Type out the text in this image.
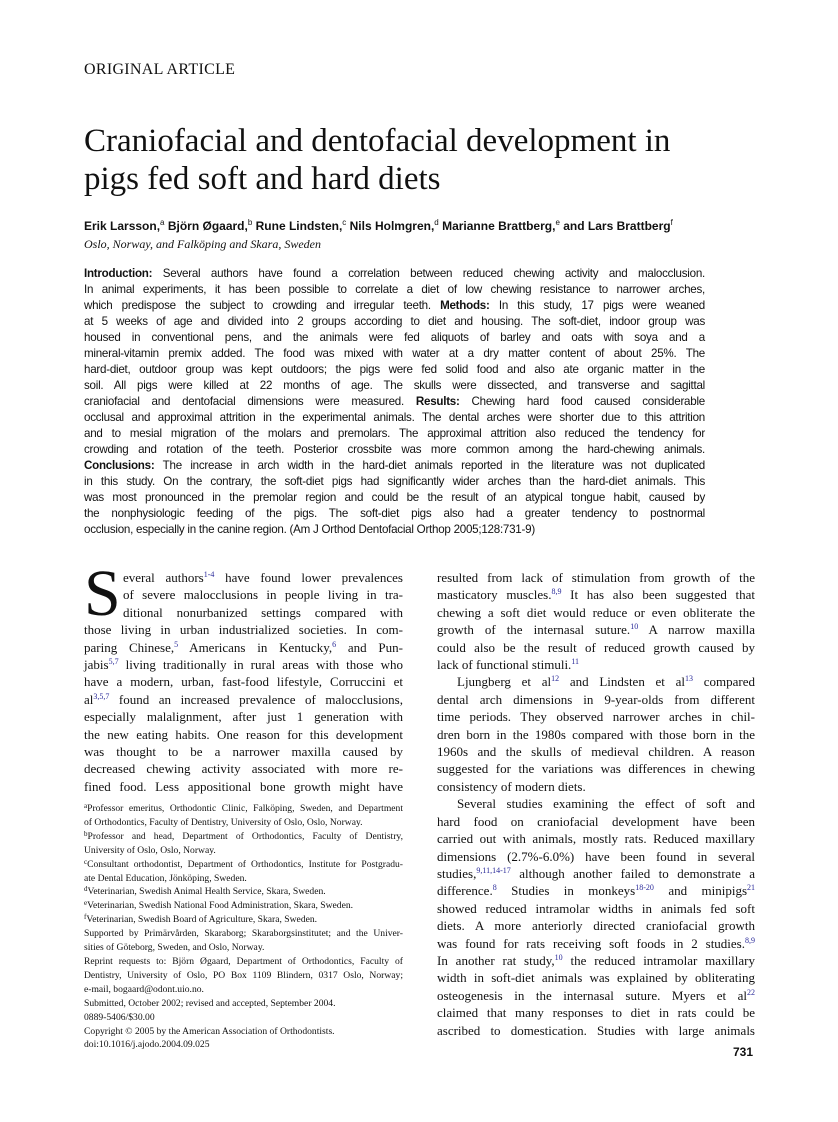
ORIGINAL ARTICLE
Craniofacial and dentofacial development in
pigs fed soft and hard diets
Erik Larsson,$^a$ Björn Øgaard,$^b$ Rune Lindsten,$^c$ Nils Holmgren,$^d$ Marianne Brattberg,$^e$ and Lars Brattberg$^f$
Oslo, Norway, and Falköping and Skara, Sweden
Introduction: Several authors have found a correlation between reduced chewing activity and malocclusion.
In animal experiments, it has been possible to correlate a diet of low chewing resistance to narrower arches,
which predispose the subject to crowding and irregular teeth. Methods: In this study, 17 pigs were weaned
at 5 weeks of age and divided into 2 groups according to diet and housing. The soft-diet, indoor group was
housed in conventional pens, and the animals were fed aliquots of barley and oats with soya and a
mineral-vitamin premix added. The food was mixed with water at a dry matter content of about 25%. The
hard-diet, outdoor group was kept outdoors; the pigs were fed solid food and also ate organic matter in the
soil. All pigs were killed at 22 months of age. The skulls were dissected, and transverse and sagittal
craniofacial and dentofacial dimensions were measured. Results: Chewing hard food caused considerable
occlusal and approximal attrition in the experimental animals. The dental arches were shorter due to this attrition
and to mesial migration of the molars and premolars. The approximal attrition also reduced the tendency for
crowding and rotation of the teeth. Posterior crossbite was more common among the hard-chewing animals.
Conclusions: The increase in arch width in the hard-diet animals reported in the literature was not duplicated
in this study. On the contrary, the soft-diet pigs had significantly wider arches than the hard-diet animals. This
was most pronounced in the premolar region and could be the result of an atypical tongue habit, caused by
the nonphysiologic feeding of the pigs. The soft-diet pigs also had a greater tendency to postnormal
occlusion, especially in the canine region. (Am J Orthod Dentofacial Orthop 2005;128:731-9)
S everal authors$^{1-4}$ have found lower prevalences
of severe malocclusions in people living in tra-
ditional nonurbanized settings compared with
those living in urban industrialized societies. In com-
paring Chinese,$^5$ Americans in Kentucky,$^6$ and Pun-
jabis$^{5,7}$ living traditionally in rural areas with those who
have a modern, urban, fast-food lifestyle, Corruccini et
al$^{3,5,7}$ found an increased prevalence of malocclusions,
especially malalignment, after just 1 generation with
the new eating habits. One reason for this development
was thought to be a narrower maxilla caused by
decreased chewing activity associated with more re-
fined food. Less appositional bone growth might have
resulted from lack of stimulation from growth of the
masticatory muscles.$^{8,9}$ It has also been suggested that
chewing a soft diet would reduce or even obliterate the
growth of the internasal suture.$^{10}$ A narrow maxilla
could also be the result of reduced growth caused by
lack of functional stimuli.$^{11}$
Ljungberg et $al^{12}$ and Lindsten et $al^{13}$ compared
dental arch dimensions in 9-year-olds from different
time periods. They observed narrower arches in chil-
dren born in the 1980s compared with those born in the
1960s and the skulls of medieval children. A reason
suggested for the variations was differences in chewing
consistency of modern diets.
Several studies examining the effect of soft and
hard food on craniofacial development have been
carried out with animals, mostly rats. Reduced maxillary
dimensions (2.7%-6.0%) have been found in several
studies,$^{9,11,14-17}$ although another failed to demonstrate a
difference.$^8$ Studies in monkeys$^{18-20}$ and minipigs$^{21}$
showed reduced intramolar widths in animals fed soft
diets. A more anteriorly directed craniofacial growth
was found for rats receiving soft foods in 2 studies.$^{8,9}$
In another rat study,$^{10}$ the reduced intramolar maxillary
width in soft-diet animals was explained by obliterating
osteogenesis in the internasal suture. Myers et $al^{22}$
claimed that many responses to diet in rats could be
ascribed to domestication. Studies with large animals
$^a$Professor emeritus, Orthodontic Clinic, Falköping, Sweden, and Department
of Orthodontics, Faculty of Dentistry, University of Oslo, Oslo, Norway.
$^b$Professor and head, Department of Orthodontics, Faculty of Dentistry,
University of Oslo, Oslo, Norway.
$^c$Consultant orthodontist, Department of Orthodontics, Institute for Postgradu-
ate Dental Education, Jönköping, Sweden.
$^d$Veterinarian, Swedish Animal Health Service, Skara, Sweden.
$^e$Veterinarian, Swedish National Food Administration, Skara, Sweden.
$^f$Veterinarian, Swedish Board of Agriculture, Skara, Sweden.
Supported by Primärvården, Skaraborg; Skaraborgsinstitutet; and the Univer-
sities of Göteborg, Sweden, and Oslo, Norway.
Reprint requests to: Björn Øgaard, Department of Orthodontics, Faculty of
Dentistry, University of Oslo, PO Box 1109 Blindern, 0317 Oslo, Norway;
e-mail, bogaard@odont.uio.no.
Submitted, October 2002; revised and accepted, September 2004.
0889-5406/$30.00
Copyright © 2005 by the American Association of Orthodontists.
doi:10.1016/j.ajodo.2004.09.025
731
